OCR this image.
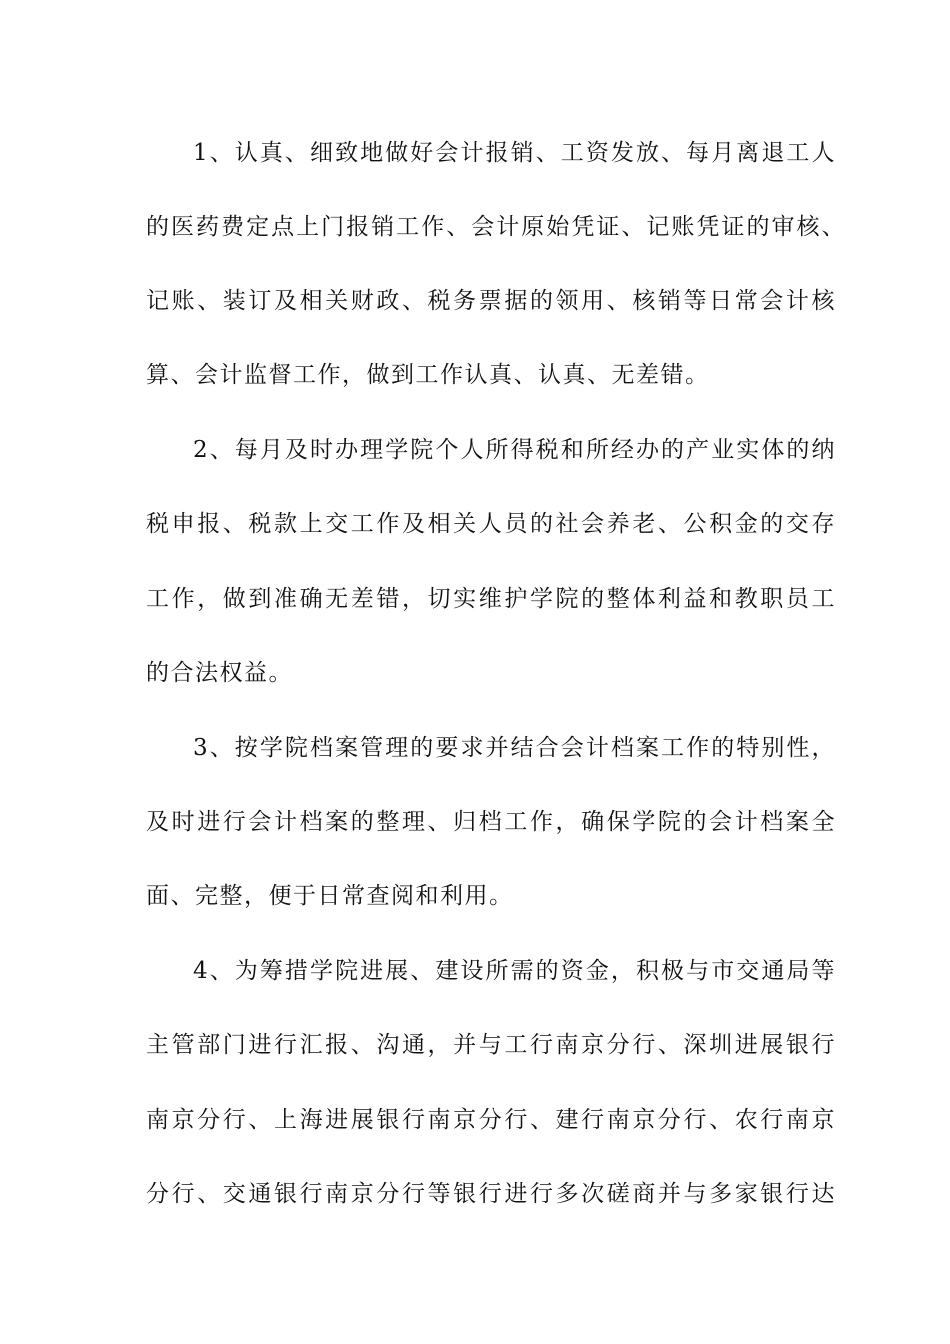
1、认真、细致地做好会计报销、工资发放、每月离退工人
的医药费定点上门报销工作、会计原始凭证、记账凭证的审核、
记账、装订及相关财政、税务票据的领用、核销等日常会计核
算、会计监督工作，做到工作认真、认真、无差错。
2、每月及时办理学院个人所得税和所经办的产业实体的纳
税申报、税款上交工作及相关人员的社会养老、公积金的交存
工作，做到准确无差错，切实维护学院的整体利益和教职员工
的合法权益。
3、按学院档案管理的要求并结合会计档案工作的特别性，
及时进行会计档案的整理、归档工作，确保学院的会计档案全
面、完整，便于日常查阅和利用。
4、为筹措学院进展、建设所需的资金，积极与市交通局等
主管部门进行汇报、沟通，并与工行南京分行、深圳进展银行
南京分行、上海进展银行南京分行、建行南京分行、农行南京
分行、交通银行南京分行等银行进行多次磋商并与多家银行达
